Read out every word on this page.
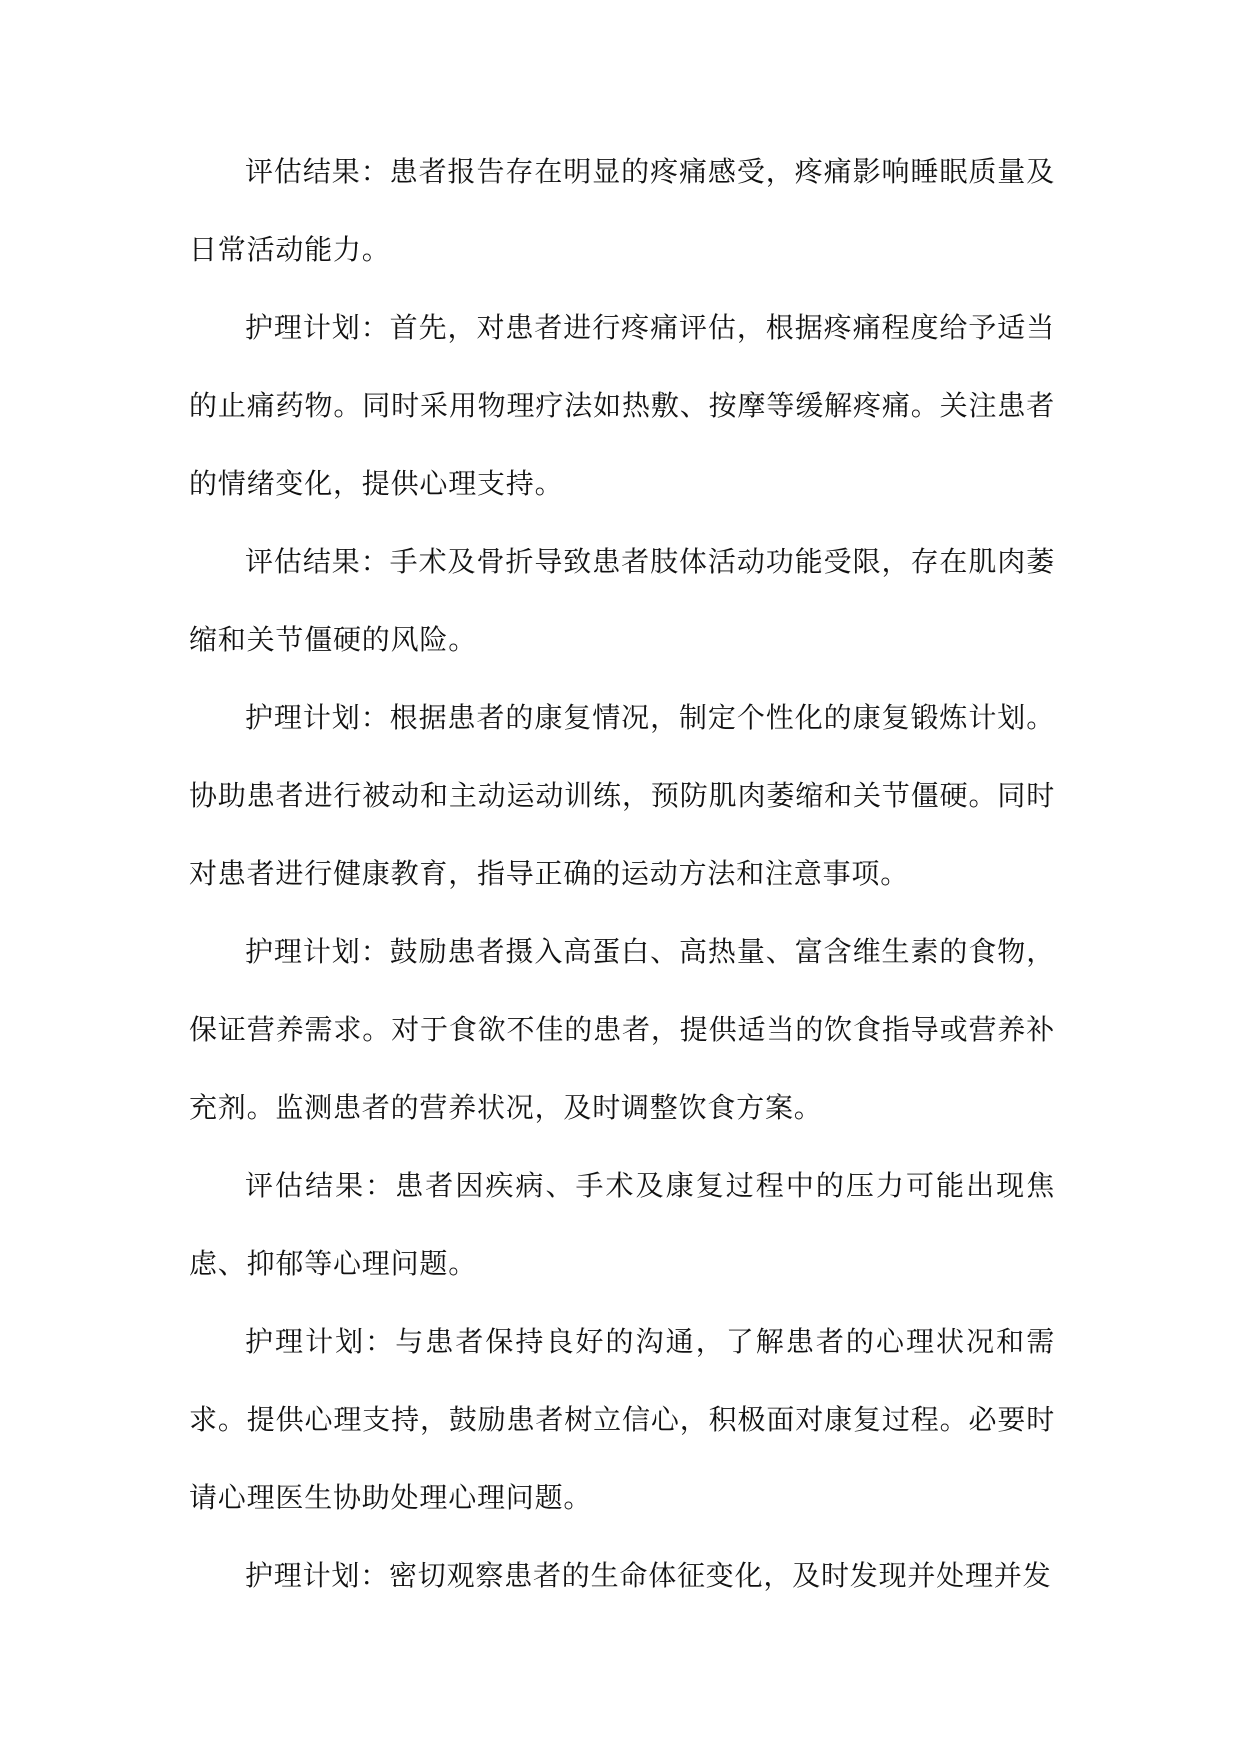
评估结果：患者报告存在明显的疼痛感受，疼痛影响睡眠质量及日常活动能力。

护理计划：首先，对患者进行疼痛评估，根据疼痛程度给予适当的止痛药物。同时采用物理疗法如热敷、按摩等缓解疼痛。关注患者的情绪变化，提供心理支持。

评估结果：手术及骨折导致患者肢体活动功能受限，存在肌肉萎缩和关节僵硬的风险。

护理计划：根据患者的康复情况，制定个性化的康复锻炼计划。协助患者进行被动和主动运动训练，预防肌肉萎缩和关节僵硬。同时对患者进行健康教育，指导正确的运动方法和注意事项。

护理计划：鼓励患者摄入高蛋白、高热量、富含维生素的食物，保证营养需求。对于食欲不佳的患者，提供适当的饮食指导或营养补充剂。监测患者的营养状况，及时调整饮食方案。

评估结果：患者因疾病、手术及康复过程中的压力可能出现焦虑、抑郁等心理问题。

护理计划：与患者保持良好的沟通，了解患者的心理状况和需求。提供心理支持，鼓励患者树立信心，积极面对康复过程。必要时请心理医生协助处理心理问题。

护理计划：密切观察患者的生命体征变化，及时发现并处理并发
